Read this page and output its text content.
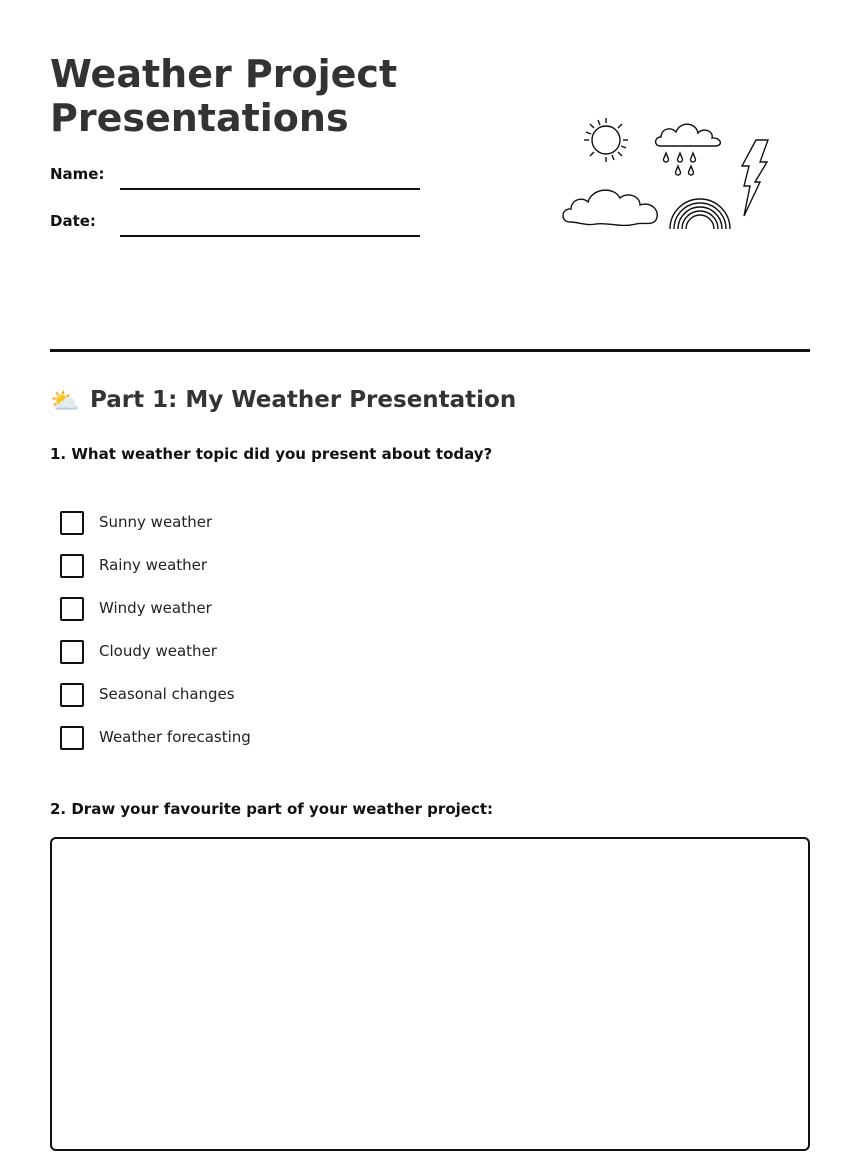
Weather Project
Presentations
Name:
Date:
⛅ Part 1: My Weather Presentation
1. What weather topic did you present about today?
Sunny weather
Rainy weather
Windy weather
Cloudy weather
Seasonal changes
Weather forecasting
2. Draw your favourite part of your weather project:
